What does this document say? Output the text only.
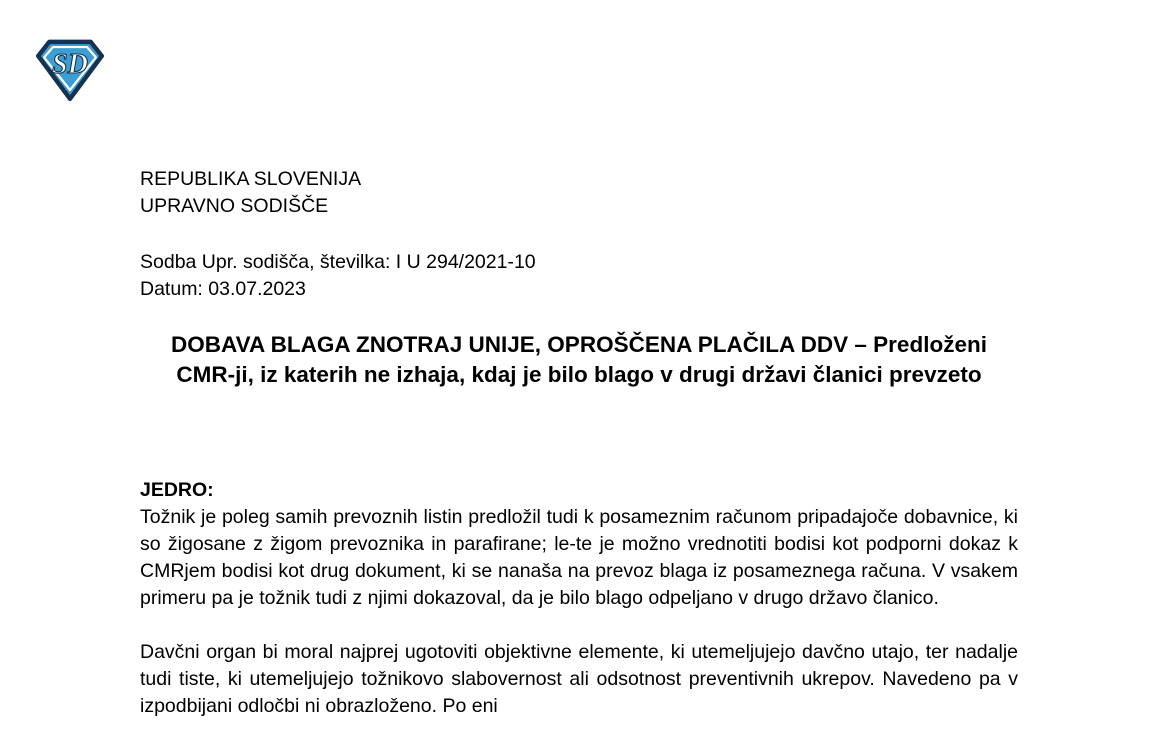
SD
REPUBLIKA SLOVENIJA
UPRAVNO SODIŠČE
Sodba Upr. sodišča, številka: I U 294/2021-10
Datum: 03.07.2023
DOBAVA BLAGA ZNOTRAJ UNIJE, OPROŠČENA PLAČILA DDV – Predloženi CMR-ji, iz katerih ne izhaja, kdaj je bilo blago v drugi državi članici prevzeto
JEDRO:

Tožnik je poleg samih prevoznih listin predložil tudi k posameznim računom pripadajoče dobavnice, ki so žigosane z žigom prevoznika in parafirane; le-te je možno vrednotiti bodisi kot podporni dokaz k CMRjem bodisi kot drug dokument, ki se nanaša na prevoz blaga iz posameznega računa. V vsakem primeru pa je tožnik tudi z njimi dokazoval, da je bilo blago odpeljano v drugo državo članico.

Davčni organ bi moral najprej ugotoviti objektivne elemente, ki utemeljujejo davčno utajo, ter nadalje tudi tiste, ki utemeljujejo tožnikovo slabovernost ali odsotnost preventivnih ukrepov. Navedeno pa v izpodbijani odločbi ni obrazloženo. Po eni
